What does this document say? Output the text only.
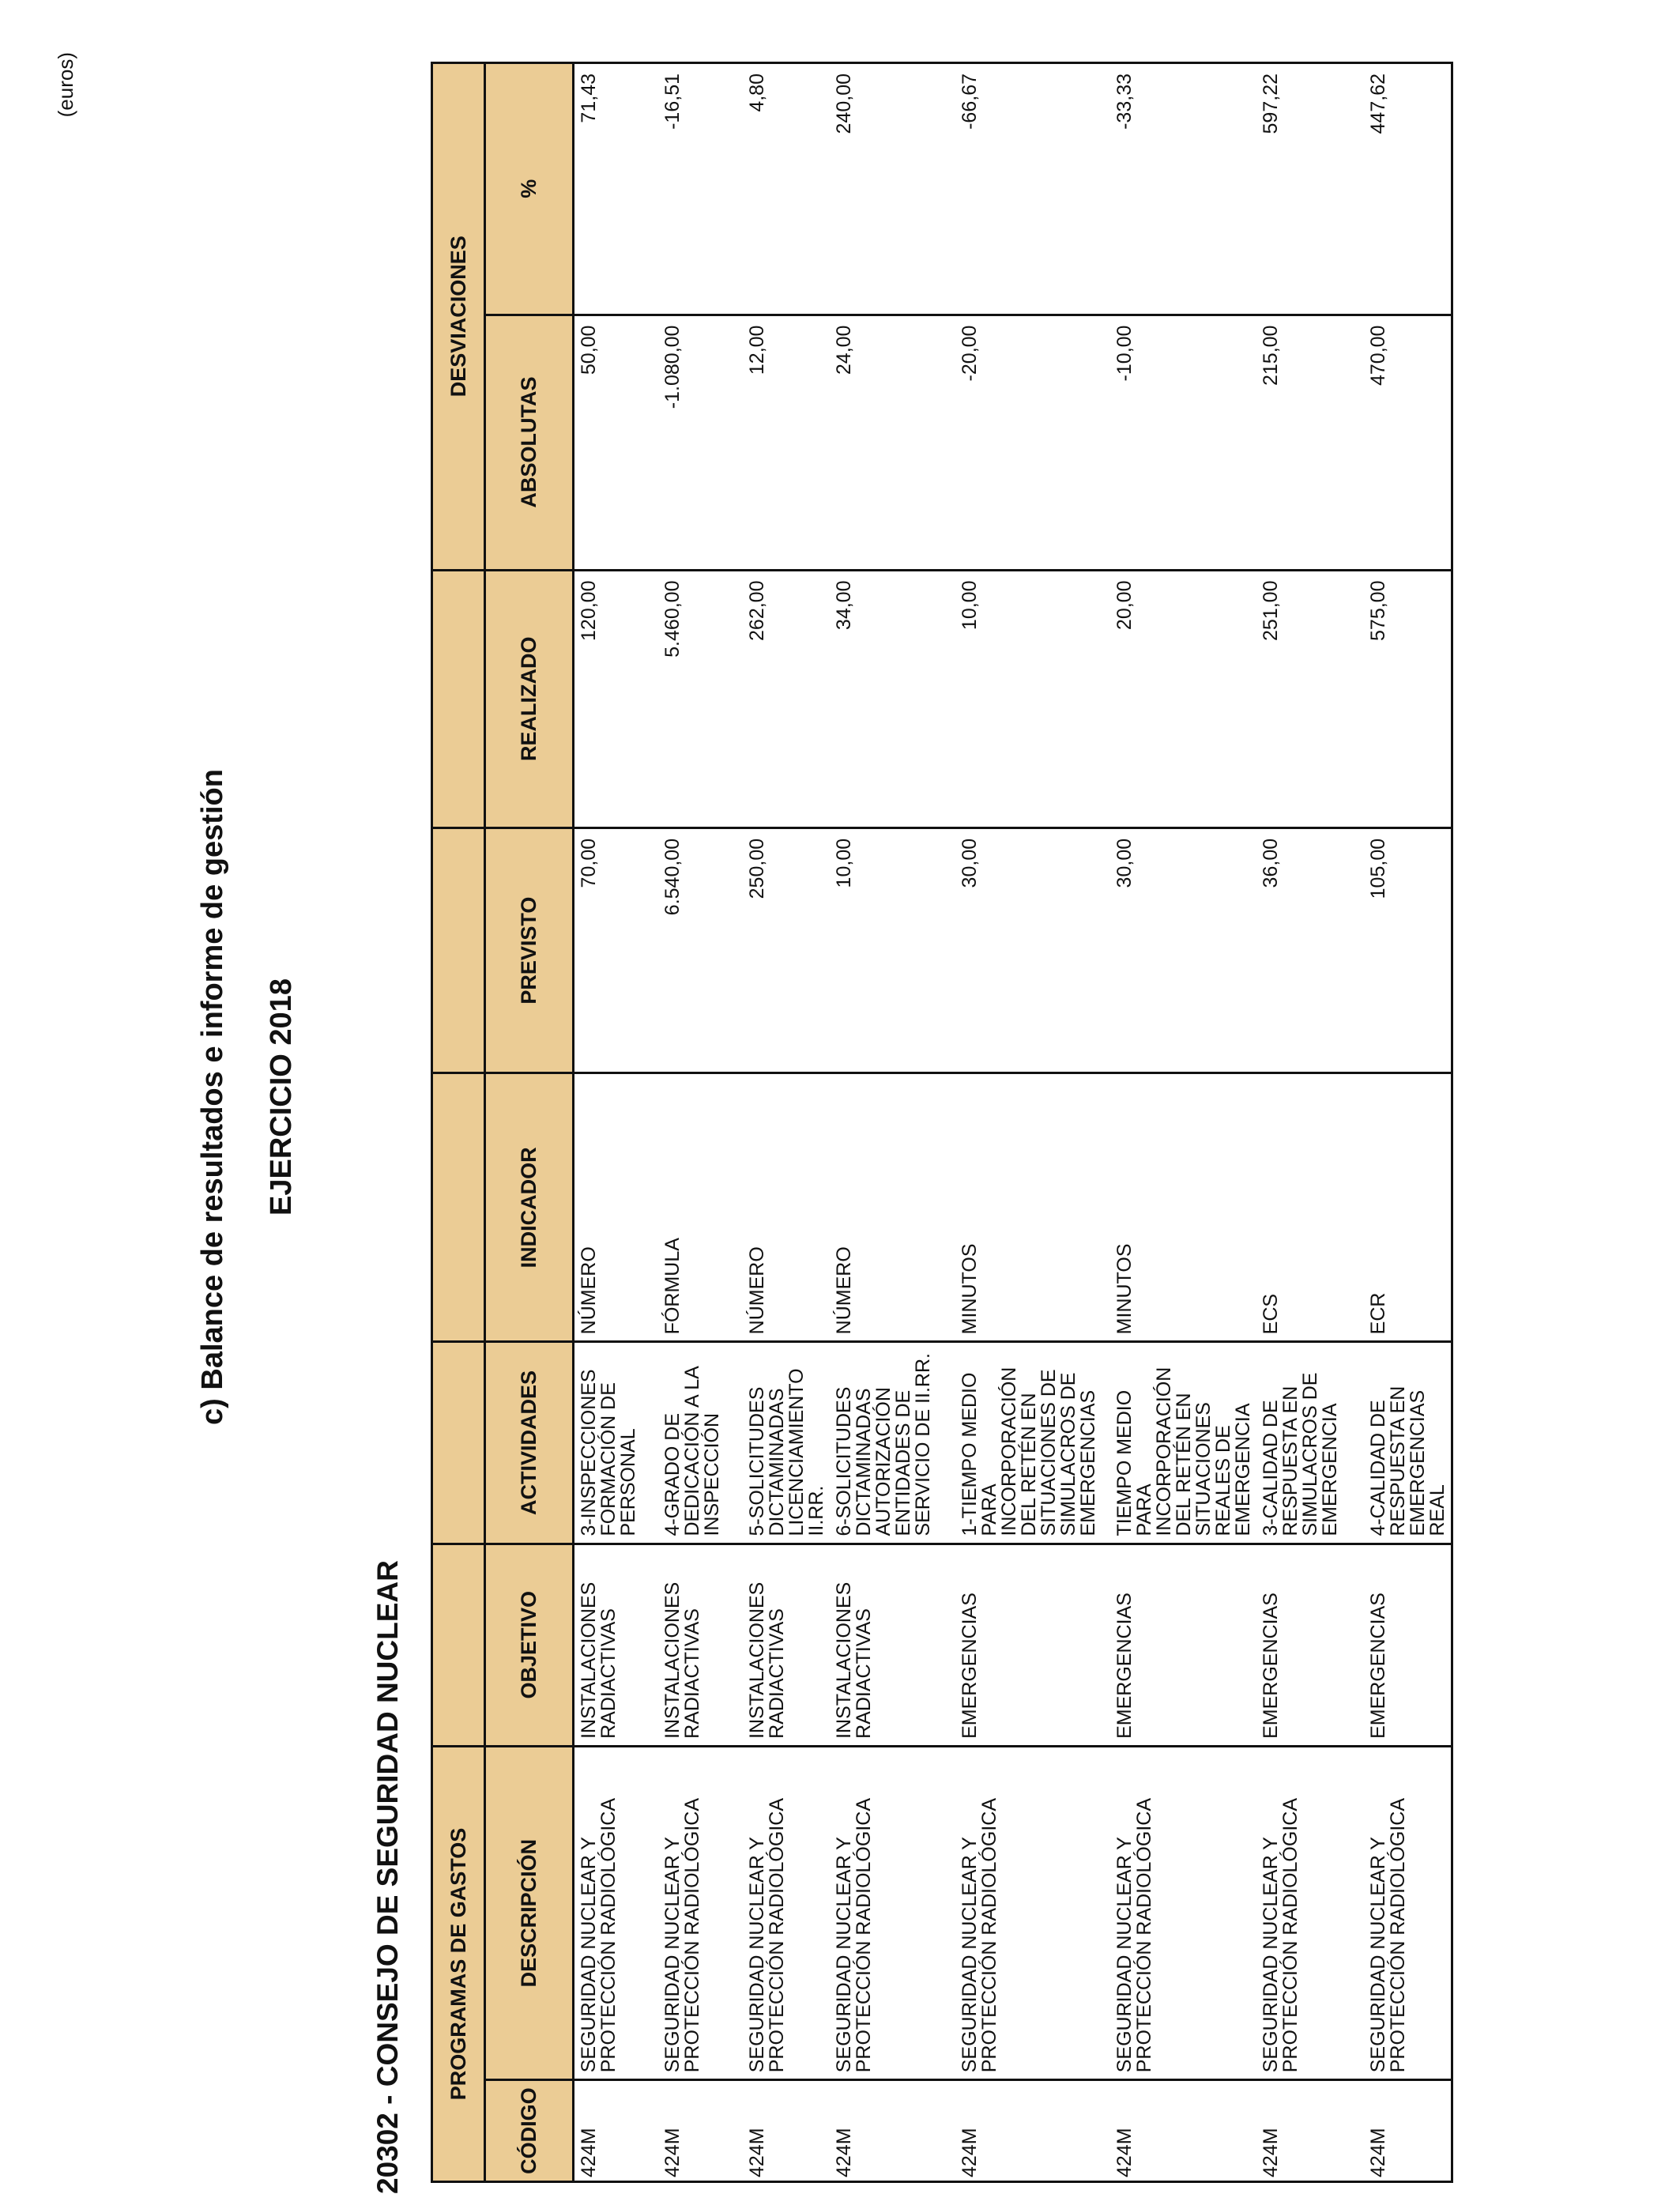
(euros)

c) Balance de resultados e informe de gestión EJERCICIO 2018
20302 - CONSEJO DE SEGURIDAD NUCLEAR PROGRAMAS DE GASTOS							DESVIACIONES	
CÓDIGO	DESCRIPCIÓN	OBJETIVO	ACTIVIDADES	INDICADOR	PREVISTO	REALIZADO	ABSOLUTAS	%
424M	SEGURIDAD NUCLEAR Y PROTECCIÓN RADIOLÓGICA	INSTALACIONES RADIACTIVAS	3-INSPECCIONES FORMACIÓN DE PERSONAL	NÚMERO	70,00	120,00	50,00	71,43
424M	SEGURIDAD NUCLEAR Y PROTECCIÓN RADIOLÓGICA	INSTALACIONES RADIACTIVAS	4-GRADO DE DEDICACIÓN A LA INSPECCIÓN	FÓRMULA	6.540,00	5.460,00	-1.080,00	-16,51
424M	SEGURIDAD NUCLEAR Y PROTECCIÓN RADIOLÓGICA	INSTALACIONES RADIACTIVAS	5-SOLICITUDES DICTAMINADAS LICENCIAMIENTO II.RR.	NÚMERO	250,00	262,00	12,00	4,80
424M	SEGURIDAD NUCLEAR Y PROTECCIÓN RADIOLÓGICA	INSTALACIONES RADIACTIVAS	6-SOLICITUDES DICTAMINADAS AUTORIZACIÓN ENTIDADES DE SERVICIO DE II.RR.	NÚMERO	10,00	34,00	24,00	240,00
424M	SEGURIDAD NUCLEAR Y PROTECCIÓN RADIOLÓGICA	EMERGENCIAS	1-TIEMPO MEDIO PARA INCORPORACIÓN DEL RETÉN EN SITUACIONES DE SIMULACROS DE EMERGENCIAS	MINUTOS	30,00	10,00	-20,00	-66,67
424M	SEGURIDAD NUCLEAR Y PROTECCIÓN RADIOLÓGICA	EMERGENCIAS	TIEMPO MEDIO PARA INCORPORACIÓN DEL RETÉN EN SITUACIONES REALES DE EMERGENCIA	MINUTOS	30,00	20,00	-10,00	-33,33
424M	SEGURIDAD NUCLEAR Y PROTECCIÓN RADIOLÓGICA	EMERGENCIAS	3-CALIDAD DE RESPUESTA EN SIMULACROS DE EMERGENCIA	ECS	36,00	251,00	215,00	597,22
424M	SEGURIDAD NUCLEAR Y PROTECCIÓN RADIOLÓGICA	EMERGENCIAS	4-CALIDAD DE RESPUESTA EN EMERGENCIAS REAL	ECR	105,00	575,00	470,00	447,62
